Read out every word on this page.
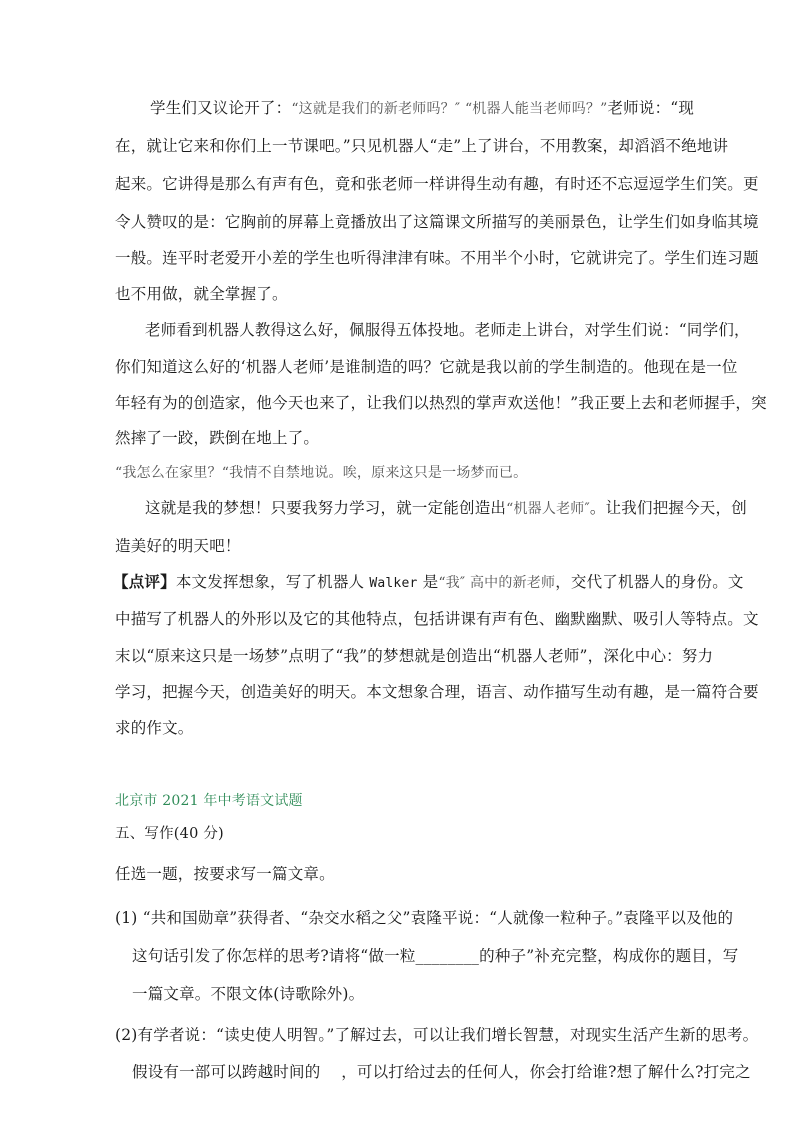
学生们又议论开了：“这就是我们的新老师吗？″ “机器人能当老师吗？”老师说：“现
在，就让它来和你们上一节课吧。”只见机器人“走”上了讲台，不用教案，却滔滔不绝地讲
起来。它讲得是那么有声有色，竟和张老师一样讲得生动有趣，有时还不忘逗逗学生们笑。更
令人赞叹的是：它胸前的屏幕上竟播放出了这篇课文所描写的美丽景色，让学生们如身临其境
一般。连平时老爱开小差的学生也听得津津有味。不用半个小时，它就讲完了。学生们连习题
也不用做，就全掌握了。
老师看到机器人教得这么好，佩服得五体投地。老师走上讲台，对学生们说：“同学们，
你们知道这么好的‘机器人老师’是谁制造的吗？它就是我以前的学生制造的。他现在是一位
年轻有为的创造家，他今天也来了，让我们以热烈的掌声欢送他！”我正要上去和老师握手，突
然摔了一跤，跌倒在地上了。
“我怎么在家里？“我情不自禁地说。唉，原来这只是一场梦而已。
这就是我的梦想！只要我努力学习，就一定能创造出“机器人老师″。让我们把握今天，创
造美好的明天吧！
【点评】本文发挥想象，写了机器人 Walker 是“我″ 高中的新老师，交代了机器人的身份。文
中描写了机器人的外形以及它的其他特点，包括讲课有声有色、幽默幽默、吸引人等特点。文
末以“原来这只是一场梦”点明了“我”的梦想就是创造出“机器人老师”，深化中心：努力
学习，把握今天，创造美好的明天。本文想象合理，语言、动作描写生动有趣，是一篇符合要
求的作文。
北京市 2021 年中考语文试题
五、写作(40 分)
任选一题，按要求写一篇文章。
(1) “共和国勋章”获得者、“杂交水稻之父”袁隆平说：“人就像一粒种子。”袁隆平以及他的
这句话引发了你怎样的思考?请将“做一粒________的种子”补充完整，构成你的题目，写
一篇文章。不限文体(诗歌除外)。
(2)有学者说：“读史使人明智。”了解过去，可以让我们增长智慧，对现实生活产生新的思考。
假设有一部可以跨越时间的　 ，可以打给过去的任何人，你会打给谁?想了解什么?打完之
